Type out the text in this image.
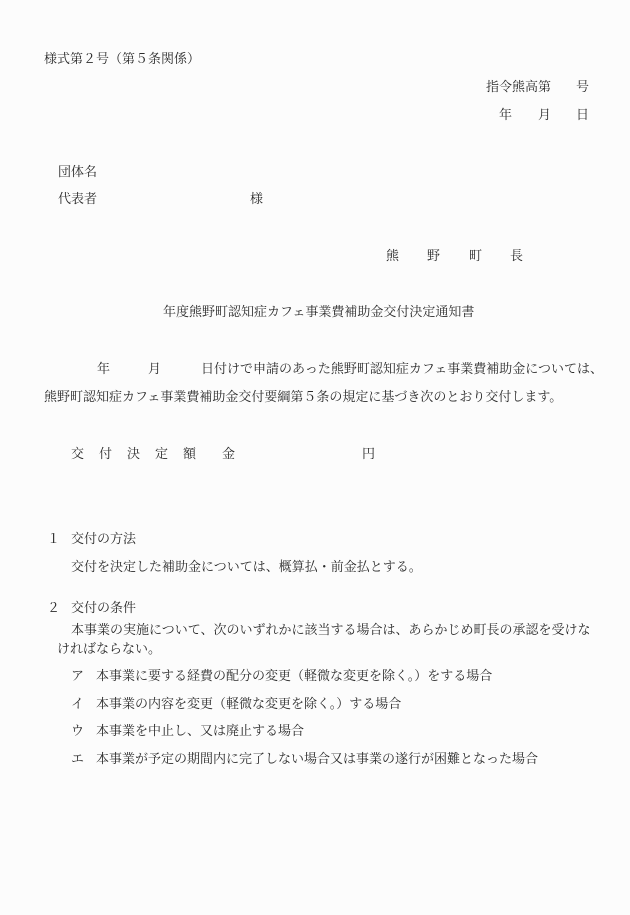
様式第２号（第５条関係）
指令熊高第 号
年 月 日
団体名
代表者	様
熊 野 町 長
年度熊野町認知症カフェ事業費補助金交付決定通知書
年	月	日付けで申請のあった熊野町認知症カフェ事業費補助金については、
熊野町認知症カフェ事業費補助金交付要綱第５条の規定に基づき次のとおり交付します。
交 付 決 定 額 金	円
１ 交付の方法
交付を決定した補助金については、概算払・前金払とする。
２ 交付の条件
本事業の実施について、次のいずれかに該当する場合は、あらかじめ町長の承認を受けな
ければならない。
ア 本事業に要する経費の配分の変更（軽微な変更を除く。）をする場合
イ 本事業の内容を変更（軽微な変更を除く。）する場合
ウ 本事業を中止し、又は廃止する場合
エ 本事業が予定の期間内に完了しない場合又は事業の遂行が困難となった場合
